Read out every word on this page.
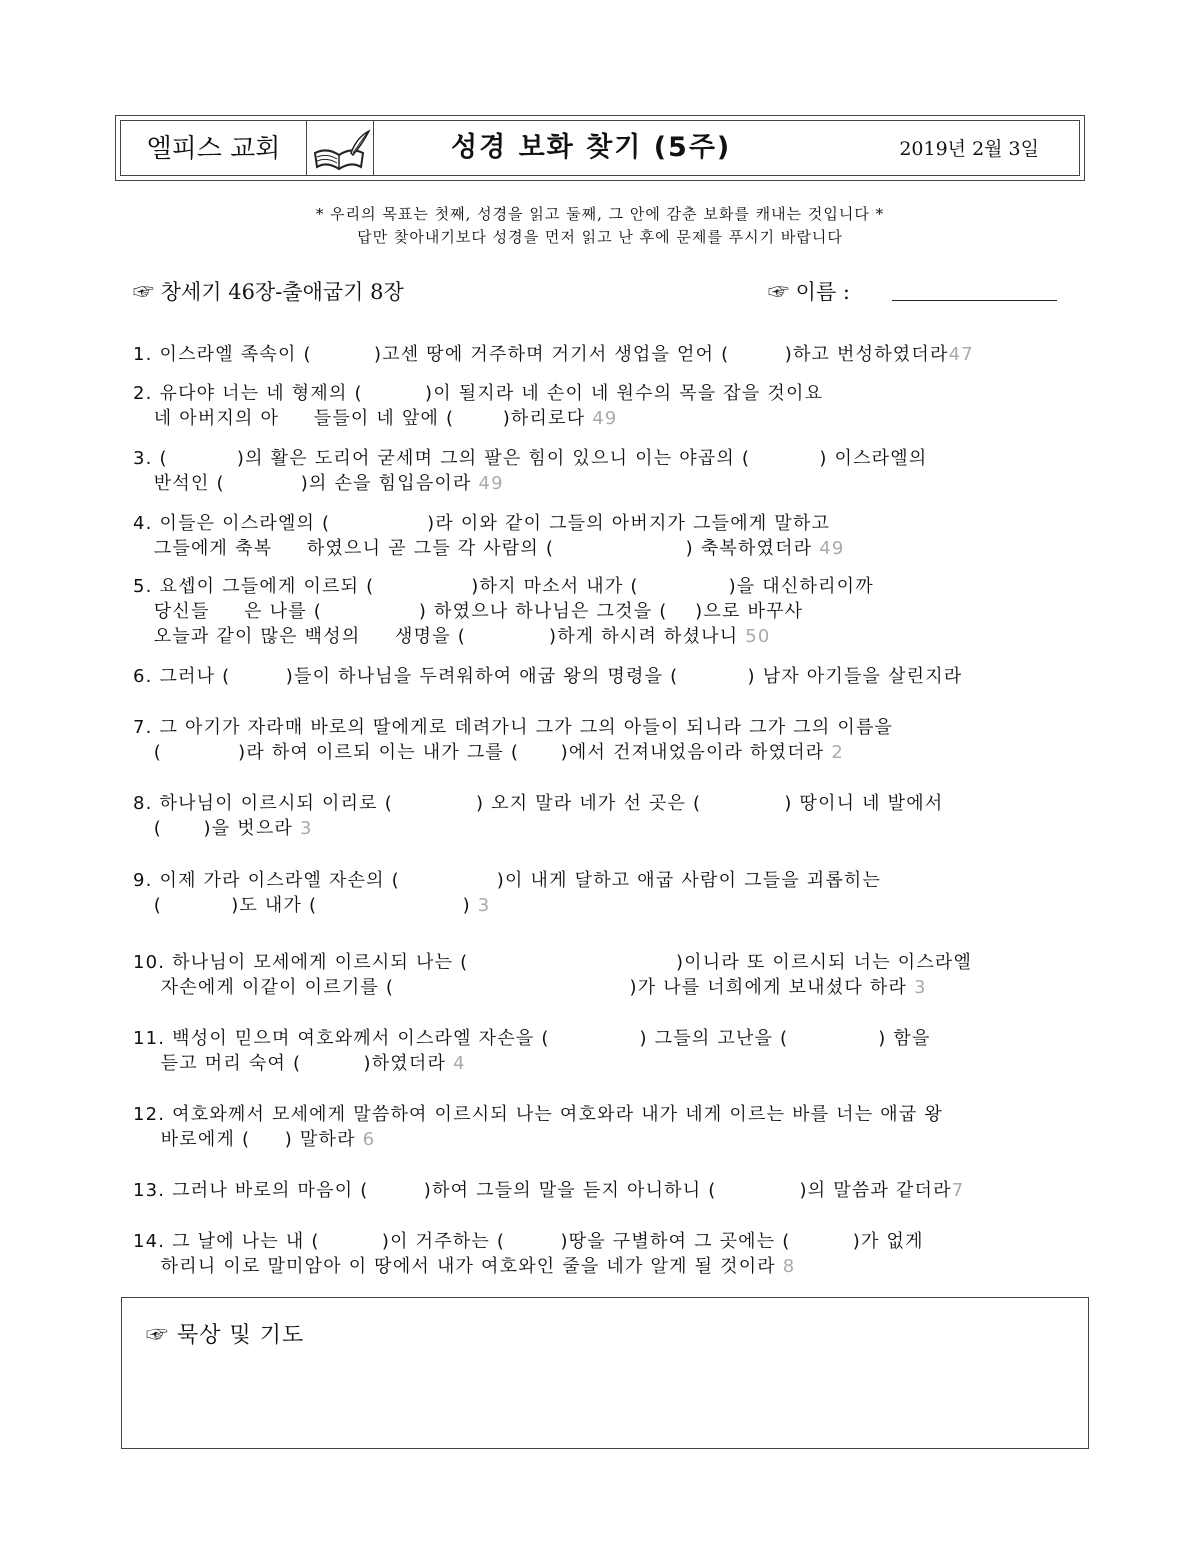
엘피스 교회	성경 보화 찾기 (5주)	2019년 2월 3일
* 우리의 목표는 첫째, 성경을 읽고 둘째, 그 안에 감춘 보화를 캐내는 것입니다 *
답만 찾아내기보다 성경을 먼저 읽고 난 후에 문제를 푸시기 바랍니다
☞ 창세기 46장-출애굽기 8장	☞ 이름 :
1. 이스라엘 족속이 (         )고센 땅에 거주하며 거기서 생업을 얻어 (        )하고 번성하였더라47
2. 유다야 너는 네 형제의 (         )이 될지라 네 손이 네 원수의 목을 잡을 것이요
네 아버지의 아     들들이 네 앞에 (       )하리로다 49
3. (          )의 활은 도리어 굳세며 그의 팔은 힘이 있으니 이는 야곱의 (          ) 이스라엘의
반석인 (           )의 손을 힘입음이라 49
4. 이들은 이스라엘의 (              )라 이와 같이 그들의 아버지가 그들에게 말하고
그들에게 축복     하였으니 곧 그들 각 사람의 (                   ) 축복하였더라 49
5. 요셉이 그들에게 이르되 (              )하지 마소서 내가 (             )을 대신하리이까
당신들     은 나를 (              ) 하였으나 하나님은 그것을 (    )으로 바꾸사
오늘과 같이 많은 백성의     생명을 (            )하게 하시려 하셨나니 50
6. 그러나 (        )들이 하나님을 두려워하여 애굽 왕의 명령을 (          ) 남자 아기들을 살린지라
7. 그 아기가 자라매 바로의 딸에게로 데려가니 그가 그의 아들이 되니라 그가 그의 이름을
(           )라 하여 이르되 이는 내가 그를 (      )에서 건져내었음이라 하였더라 2
8. 하나님이 이르시되 이리로 (            ) 오지 말라 네가 선 곳은 (            ) 땅이니 네 발에서
(      )을 벗으라 3
9. 이제 가라 이스라엘 자손의 (              )이 내게 달하고 애굽 사람이 그들을 괴롭히는
(          )도 내가 (                     ) 3
10. 하나님이 모세에게 이르시되 나는 (                              )이니라 또 이르시되 너는 이스라엘
자손에게 이같이 이르기를 (                                  )가 나를 너희에게 보내셨다 하라 3
11. 백성이 믿으며 여호와께서 이스라엘 자손을 (             ) 그들의 고난을 (             ) 함을
듣고 머리 숙여 (         )하였더라 4
12. 여호와께서 모세에게 말씀하여 이르시되 나는 여호와라 내가 네게 이르는 바를 너는 애굽 왕
바로에게 (     ) 말하라 6
13. 그러나 바로의 마음이 (        )하여 그들의 말을 듣지 아니하니 (            )의 말씀과 같더라7
14. 그 날에 나는 내 (         )이 거주하는 (        )땅을 구별하여 그 곳에는 (         )가 없게
하리니 이로 말미암아 이 땅에서 내가 여호와인 줄을 네가 알게 될 것이라 8
☞ 묵상 및 기도
